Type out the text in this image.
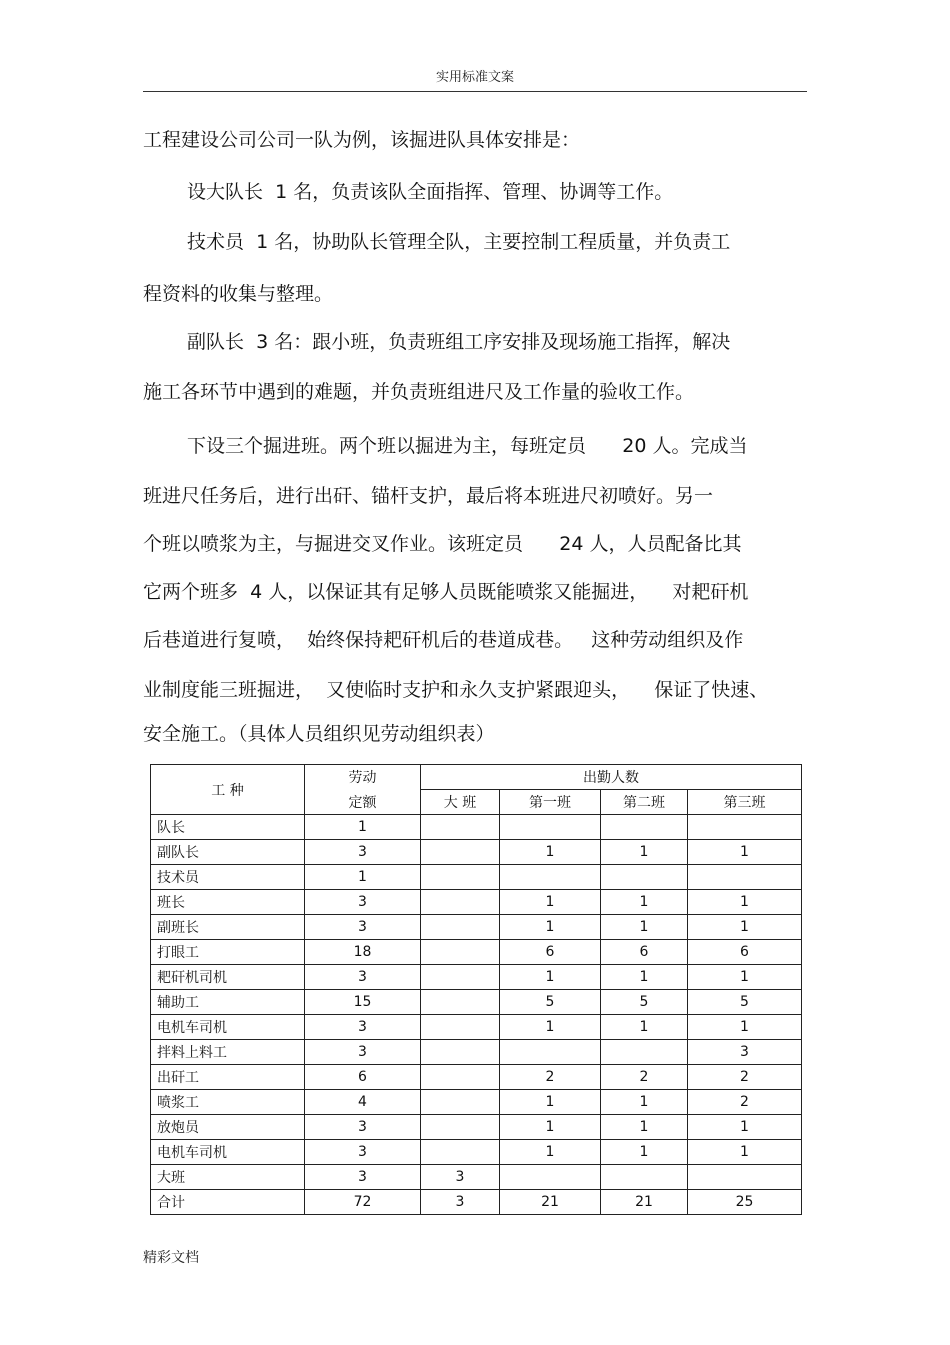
实用标准文案
工程建设公司公司一队为例，该掘进队具体安排是：
设大队长  1 名，负责该队全面指挥、管理、协调等工作。
技术员  1 名，协助队长管理全队，主要控制工程质量，并负责工
程资料的收集与整理。
副队长  3 名：跟小班，负责班组工序安排及现场施工指挥，解决
施工各环节中遇到的难题，并负责班组进尺及工作量的验收工作。
下设三个掘进班。两个班以掘进为主，每班定员      20 人。完成当
班进尺任务后，进行出矸、锚杆支护，最后将本班进尺初喷好。另一
个班以喷浆为主，与掘进交叉作业。该班定员      24 人，人员配备比其
它两个班多  4 人，以保证其有足够人员既能喷浆又能掘进，    对耙矸机
后巷道进行复喷，  始终保持耙矸机后的巷道成巷。   这种劳动组织及作
业制度能三班掘进，  又使临时支护和永久支护紧跟迎头，    保证了快速、
安全施工。（具体人员组织见劳动组织表）
工 种	劳动	出勤人数			
	定额	大 班	第一班	第二班	第三班
队长	1				
副队长	3		1	1	1
技术员	1				
班长	3		1	1	1
副班长	3		1	1	1
打眼工	18		6	6	6
耙矸机司机	3		1	1	1
辅助工	15		5	5	5
电机车司机	3		1	1	1
拌料上料工	3				3
出矸工	6		2	2	2
喷浆工	4		1	1	2
放炮员	3		1	1	1
电机车司机	3		1	1	1
大班	3	3			
合计	72	3	21	21	25
精彩文档
